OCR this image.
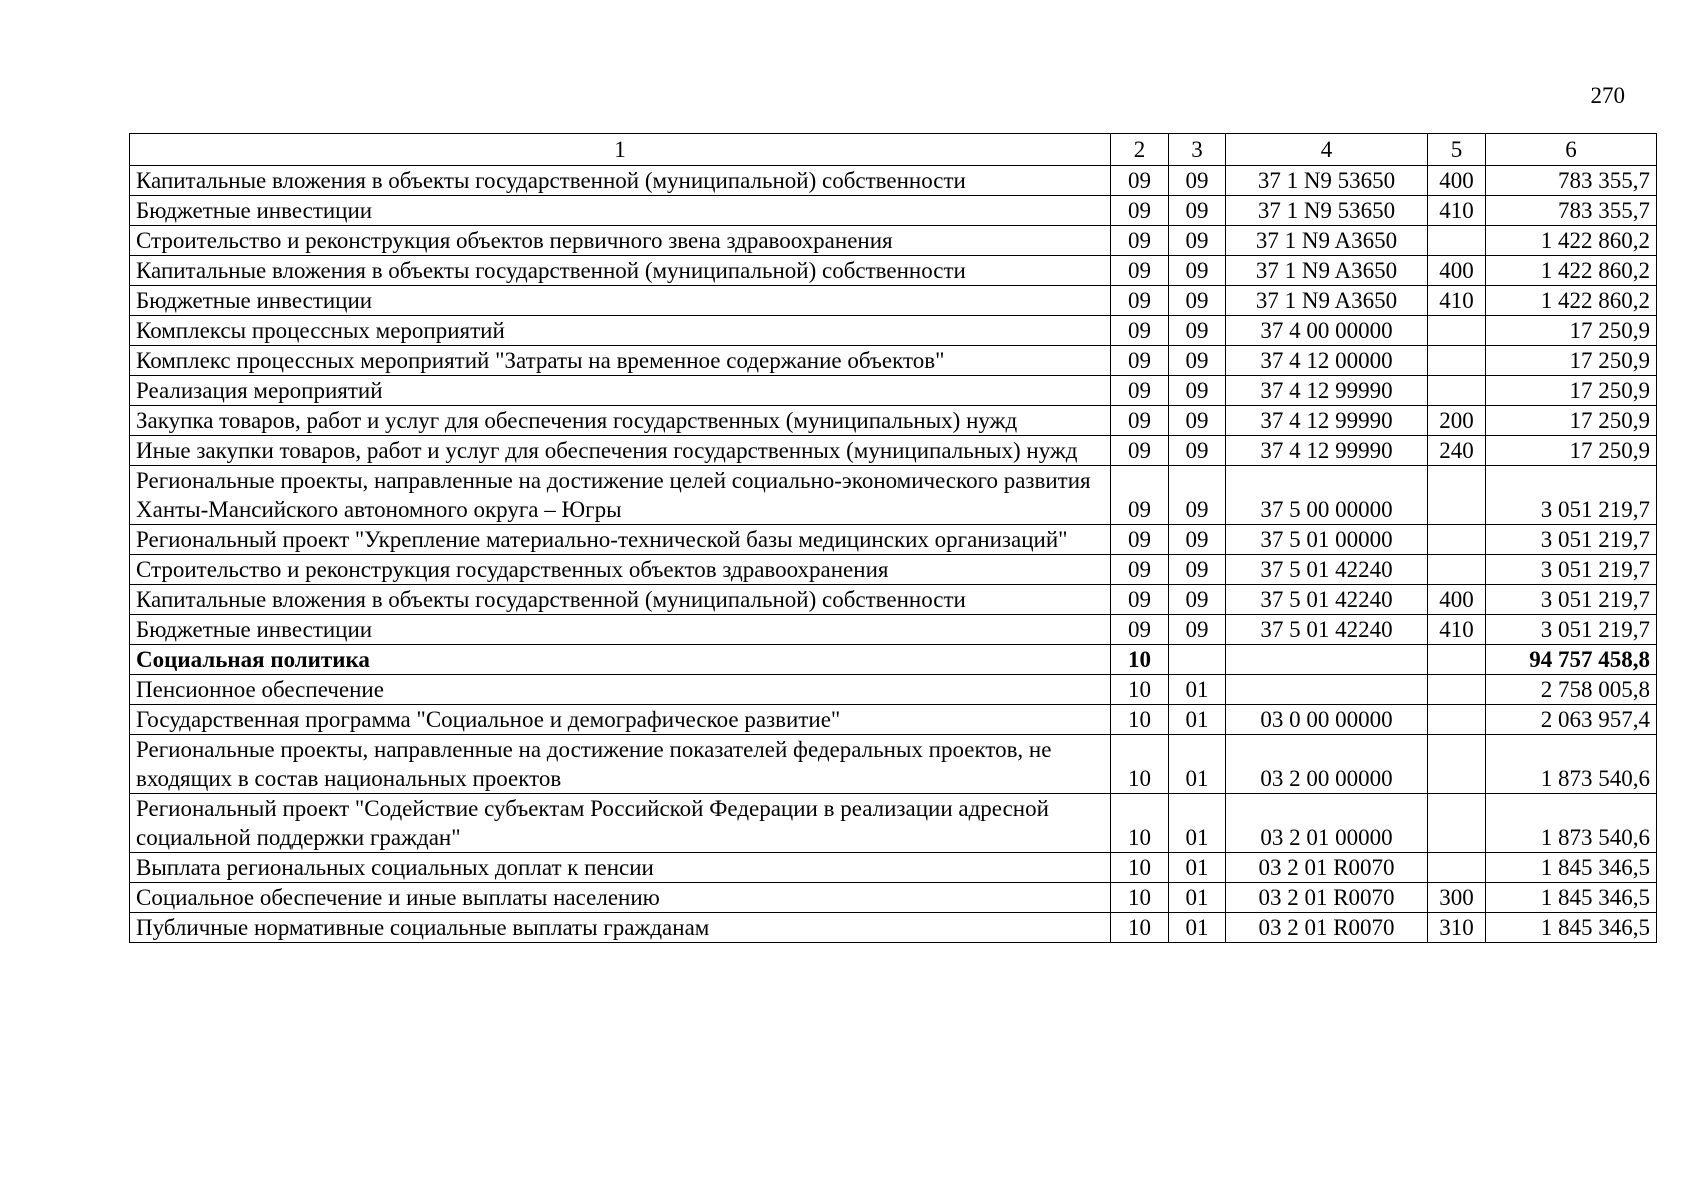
270
1	2	3	4	5	6
Капитальные вложения в объекты государственной (муниципальной) собственности	09	09	37 1 N9 53650	400	783 355,7
Бюджетные инвестиции	09	09	37 1 N9 53650	410	783 355,7
Строительство и реконструкция объектов первичного звена здравоохранения	09	09	37 1 N9 A3650		1 422 860,2
Капитальные вложения в объекты государственной (муниципальной) собственности	09	09	37 1 N9 A3650	400	1 422 860,2
Бюджетные инвестиции	09	09	37 1 N9 A3650	410	1 422 860,2
Комплексы процессных мероприятий	09	09	37 4 00 00000		17 250,9
Комплекс процессных мероприятий "Затраты на временное содержание объектов"	09	09	37 4 12 00000		17 250,9
Реализация мероприятий	09	09	37 4 12 99990		17 250,9
Закупка товаров, работ и услуг для обеспечения государственных (муниципальных) нужд	09	09	37 4 12 99990	200	17 250,9
Иные закупки товаров, работ и услуг для обеспечения государственных (муниципальных) нужд	09	09	37 4 12 99990	240	17 250,9
Региональные проекты, направленные на достижение целей социально-экономического развития Ханты-Мансийского автономного округа – Югры	09	09	37 5 00 00000		3 051 219,7
Региональный проект "Укрепление материально-технической базы медицинских организаций"	09	09	37 5 01 00000		3 051 219,7
Строительство и реконструкция государственных объектов здравоохранения	09	09	37 5 01 42240		3 051 219,7
Капитальные вложения в объекты государственной (муниципальной) собственности	09	09	37 5 01 42240	400	3 051 219,7
Бюджетные инвестиции	09	09	37 5 01 42240	410	3 051 219,7
Социальная политика	10				94 757 458,8
Пенсионное обеспечение	10	01			2 758 005,8
Государственная программа "Социальное и демографическое развитие"	10	01	03 0 00 00000		2 063 957,4
Региональные проекты, направленные на достижение показателей федеральных проектов, не входящих в состав национальных проектов	10	01	03 2 00 00000		1 873 540,6
Региональный проект "Содействие субъектам Российской Федерации в реализации адресной социальной поддержки граждан"	10	01	03 2 01 00000		1 873 540,6
Выплата региональных социальных доплат к пенсии	10	01	03 2 01 R0070		1 845 346,5
Социальное обеспечение и иные выплаты населению	10	01	03 2 01 R0070	300	1 845 346,5
Публичные нормативные социальные выплаты гражданам	10	01	03 2 01 R0070	310	1 845 346,5
